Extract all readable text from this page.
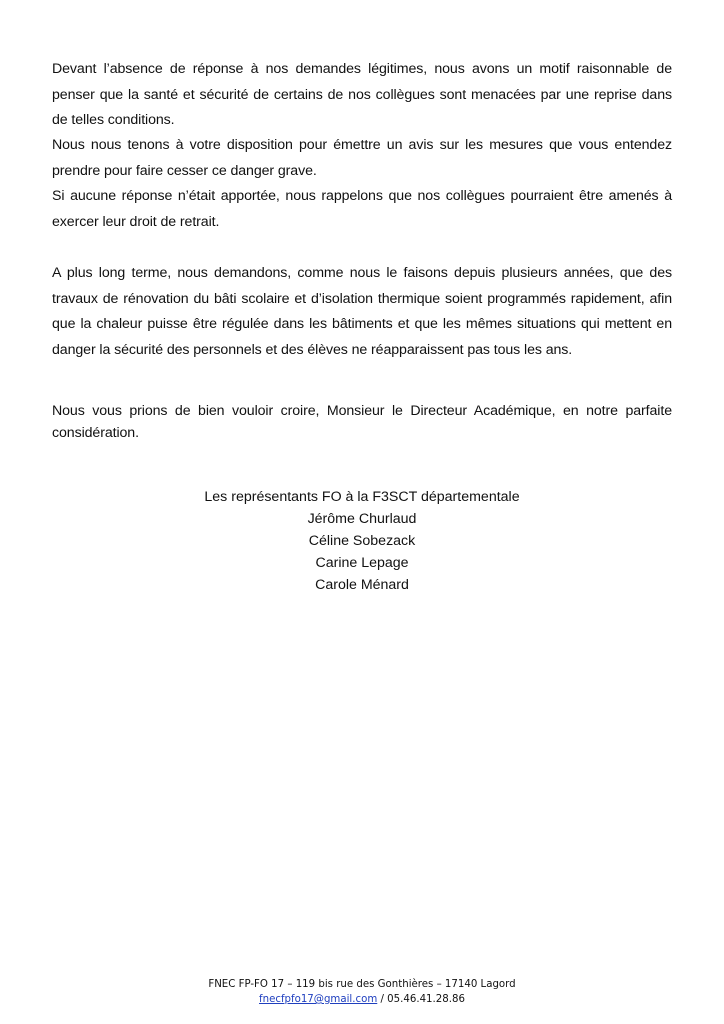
Devant l’absence de réponse à nos demandes légitimes, nous avons un motif raisonnable de penser que la santé et sécurité de certains de nos collègues sont menacées par une reprise dans de telles conditions.

Nous nous tenons à votre disposition pour émettre un avis sur les mesures que vous entendez prendre pour faire cesser ce danger grave.

Si aucune réponse n’était apportée, nous rappelons que nos collègues pourraient être amenés à exercer leur droit de retrait.

A plus long terme, nous demandons, comme nous le faisons depuis plusieurs années, que des travaux de rénovation du bâti scolaire et d’isolation thermique soient programmés rapidement, afin que la chaleur puisse être régulée dans les bâtiments et que les mêmes situations qui mettent en danger la sécurité des personnels et des élèves ne réapparaissent pas tous les ans.

Nous vous prions de bien vouloir croire, Monsieur le Directeur Académique, en notre parfaite considération.

Les représentants FO à la F3SCT départementale
Jérôme Churlaud
Céline Sobezack
Carine Lepage
Carole Ménard
FNEC FP-FO 17 – 119 bis rue des Gonthières – 17140 Lagord
fnecfpfo17@gmail.com / 05.46.41.28.86
